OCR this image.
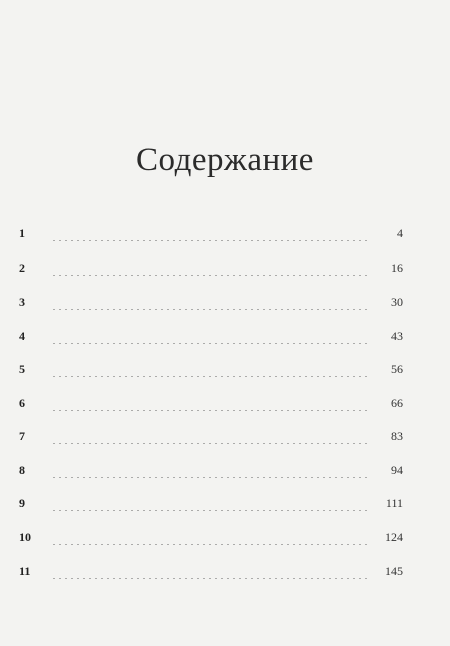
Содержание
1	4
2	16
3	30
4	43
5	56
6	66
7	83
8	94
9	111
10	124
11	145
